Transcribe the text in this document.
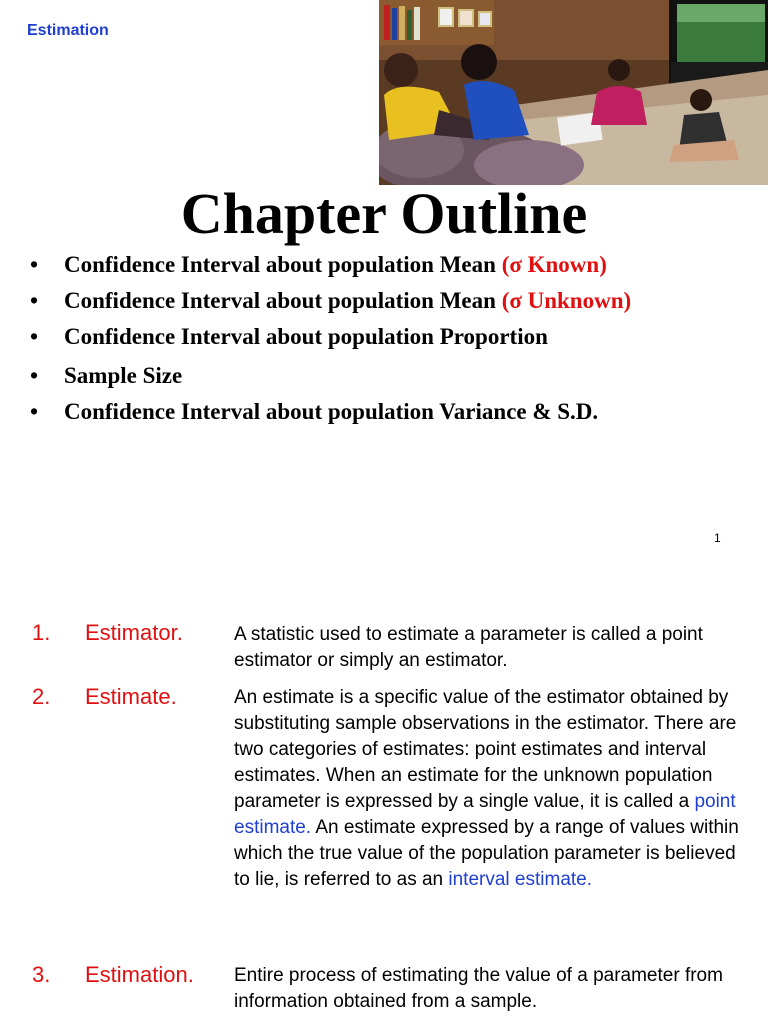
Estimation
Chapter Outline
• Confidence Interval about population Mean (σ Known)
• Confidence Interval about population Mean (σ Unknown)
• Confidence Interval about population Proportion
• Sample Size
• Confidence Interval about population Variance & S.D.
1
1. Estimator.	A statistic used to estimate a parameter is called a point estimator or simply an estimator.
2. Estimate.	An estimate is a specific value of the estimator obtained by substituting sample observations in the estimator. There are two categories of estimates: point estimates and interval estimates. When an estimate for the unknown population parameter is expressed by a single value, it is called a point estimate. An estimate expressed by a range of values within which the true value of the population parameter is believed to lie, is referred to as an interval estimate.
3. Estimation. Entire process of estimating the value of a parameter from information obtained from a sample.
